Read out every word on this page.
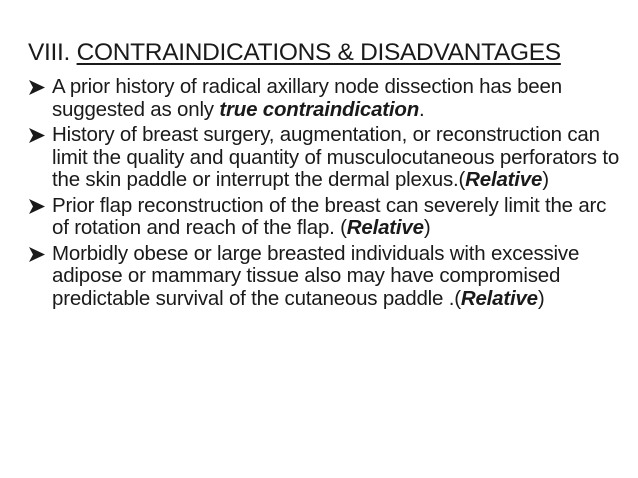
VIII. CONTRAINDICATIONS & DISADVANTAGES
A prior history of radical axillary node dissection has been suggested as only true contraindication.
History of breast surgery, augmentation, or reconstruction can limit the quality and quantity of musculocutaneous perforators to the skin paddle or interrupt the dermal plexus.(Relative)
Prior flap reconstruction of the breast can severely limit the arc of rotation and reach of the flap. (Relative)
Morbidly obese or large breasted individuals with excessive adipose or mammary tissue also may have compromised predictable survival of the cutaneous paddle .(Relative)
